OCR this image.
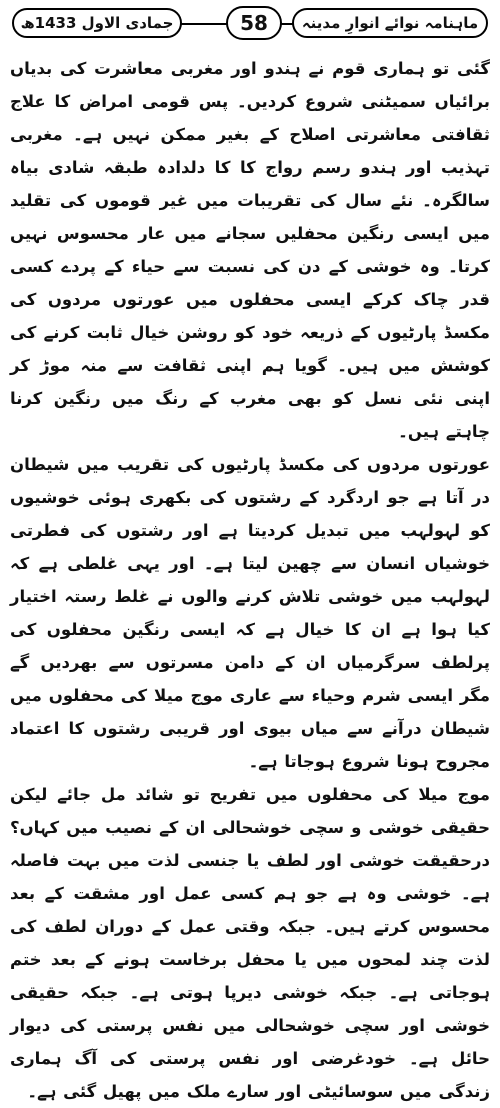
جمادی الاول 1433ھ	58	ماہنامہ نوائے انوارِ مدینہ

گئی تو ہماری قوم نے ہندو اور مغربی معاشرت کی بدیاں برائیاں سمیٹنی شروع کردیں۔ پس قومی امراض کا علاج ثقافتی معاشرتی اصلاح کے بغیر ممکن نہیں ہے۔ مغربی تہذیب اور ہندو رسم رواج کا کا دلدادہ طبقہ شادی بیاہ سالگرہ۔ نئے سال کی تقریبات میں غیر قوموں کی تقلید میں ایسی رنگین محفلیں سجانے میں عار محسوس نہیں کرتا۔ وہ خوشی کے دن کی نسبت سے حیاء کے پردے کسی قدر چاک کرکے ایسی محفلوں میں عورتوں مردوں کی مکسڈ پارٹیوں کے ذریعہ خود کو روشن خیال ثابت کرنے کی کوشش میں ہیں۔ گویا ہم اپنی ثقافت سے منہ موڑ کر اپنی نئی نسل کو بھی مغرب کے رنگ میں رنگین کرنا چاہتے ہیں۔

عورتوں مردوں کی مکسڈ پارٹیوں کی تقریب میں شیطان در آتا ہے جو اردگرد کے رشتوں کی بکھری ہوئی خوشیوں کو لہولہب میں تبدیل کردیتا ہے اور رشتوں کی فطرتی خوشیاں انسان سے چھین لیتا ہے۔ اور یہی غلطی ہے کہ لہولہب میں خوشی تلاش کرنے والوں نے غلط رستہ اختیار کیا ہوا ہے ان کا خیال ہے کہ ایسی رنگین محفلوں کی پرلطف سرگرمیاں ان کے دامن مسرتوں سے بھردیں گے مگر ایسی شرم وحیاء سے عاری موج میلا کی محفلوں میں شیطان درآنے سے میاں بیوی اور قریبی رشتوں کا اعتماد مجروح ہونا شروع ہوجاتا ہے۔

موج میلا کی محفلوں میں تفریح تو شائد مل جائے لیکن حقیقی خوشی و سچی خوشحالی ان کے نصیب میں کہاں؟ درحقیقت خوشی اور لطف یا جنسی لذت میں بہت فاصلہ ہے۔ خوشی وہ ہے جو ہم کسی عمل اور مشقت کے بعد محسوس کرتے ہیں۔ جبکہ وقتی عمل کے دوران لطف کی لذت چند لمحوں میں یا محفل برخاست ہونے کے بعد ختم ہوجاتی ہے۔ جبکہ خوشی دیرپا ہوتی ہے۔ جبکہ حقیقی خوشی اور سچی خوشحالی میں نفس پرستی کی دیوار حائل ہے۔ خودغرضی اور نفس پرستی کی آگ ہماری زندگی میں سوسائیٹی اور سارے ملک میں پھیل گئی ہے۔
